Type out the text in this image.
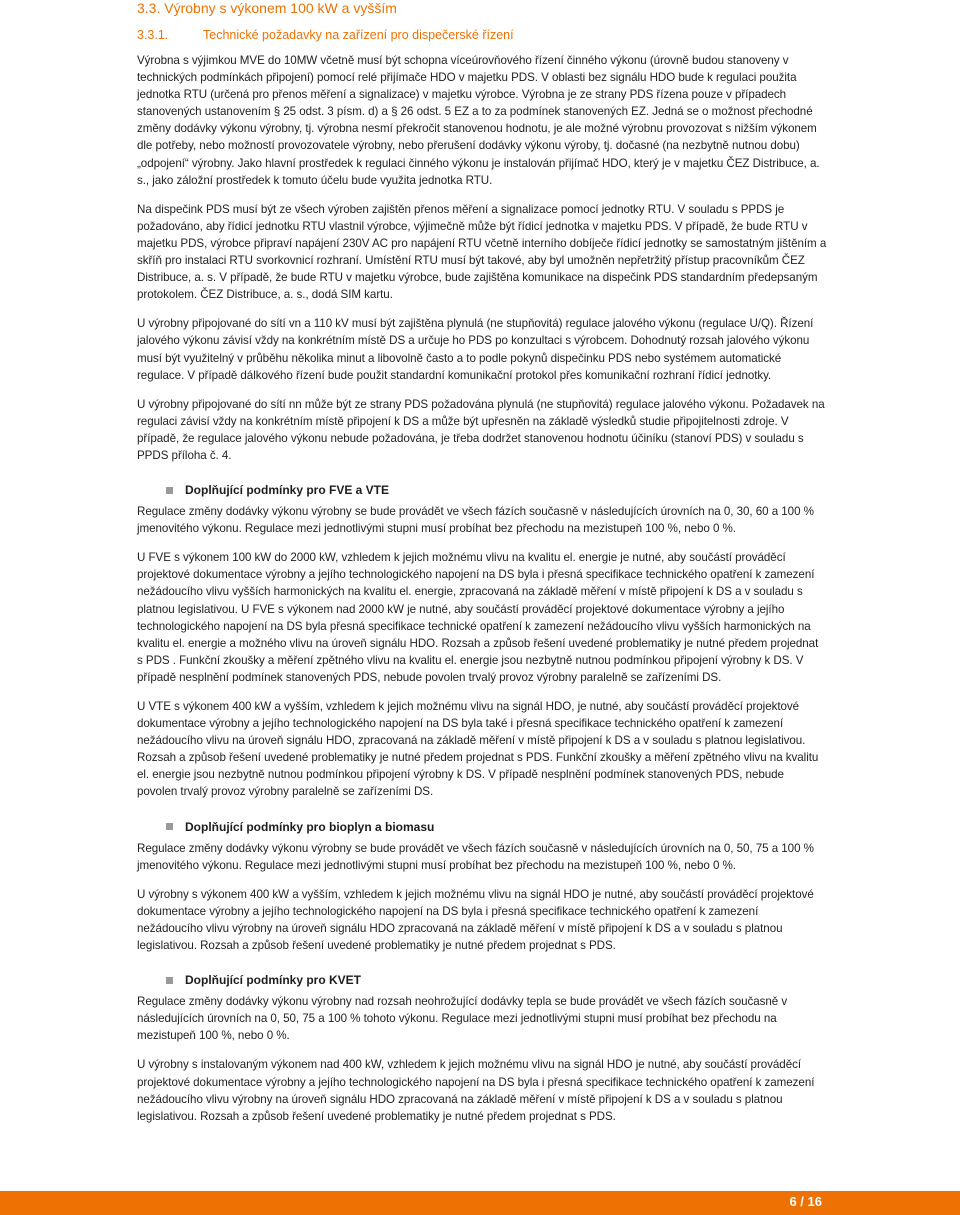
3.3. Výrobny s výkonem 100 kW a vyšším
3.3.1.	Technické požadavky na zařízení pro dispečerské řízení

Výrobna s výjimkou MVE do 10MW včetně musí být schopna víceúrovňového řízení činného výkonu (úrovně budou stanoveny v technických podmínkách připojení) pomocí relé přijímače HDO v majetku PDS. V oblasti bez signálu HDO bude k regulaci použita jednotka RTU (určená pro přenos měření a signalizace) v majetku výrobce. Výrobna je ze strany PDS řízena pouze v případech stanovených ustanovením § 25 odst. 3 písm. d) a § 26 odst. 5 EZ a to za podmínek stanovených EZ. Jedná se o možnost přechodné změny dodávky výkonu výrobny, tj. výrobna nesmí překročit stanovenou hodnotu, je ale možné výrobnu provozovat s nižším výkonem dle potřeby, nebo možností provozovatele výrobny, nebo přerušení dodávky výkonu výroby, tj. dočasné (na nezbytně nutnou dobu) „odpojení“ výrobny. Jako hlavní prostředek k regulaci činného výkonu je instalován přijímač HDO, který je v majetku ČEZ Distribuce, a. s., jako záložní prostředek k tomuto účelu bude využita jednotka RTU.

Na dispečink PDS musí být ze všech výroben zajištěn přenos měření a signalizace pomocí jednotky RTU. V souladu s PPDS je požadováno, aby řídicí jednotku RTU vlastnil výrobce, výjimečně může být řídicí jednotka v majetku PDS. V případě, že bude RTU v majetku PDS, výrobce připraví napájení 230V AC pro napájení RTU včetně interního dobíječe řídicí jednotky se samostatným jištěním a skříň pro instalaci RTU svorkovnicí rozhraní. Umístění RTU musí být takové, aby byl umožněn nepřetržitý přístup pracovníkům ČEZ Distribuce, a. s. V případě, že bude RTU v majetku výrobce, bude zajištěna komunikace na dispečink PDS standardním předepsaným protokolem. ČEZ Distribuce, a. s., dodá SIM kartu.

U výrobny připojované do sítí vn a 110 kV musí být zajištěna plynulá (ne stupňovitá) regulace jalového výkonu (regulace U/Q). Řízení jalového výkonu závisí vždy na konkrétním místě DS a určuje ho PDS po konzultaci s výrobcem. Dohodnutý rozsah jalového výkonu musí být využitelný v průběhu několika minut a libovolně často a to podle pokynů dispečinku PDS nebo systémem automatické regulace. V případě dálkového řízení bude použit standardní komunikační protokol přes komunikační rozhraní řídicí jednotky.

U výrobny připojované do sítí nn může být ze strany PDS požadována plynulá (ne stupňovitá) regulace jalového výkonu. Požadavek na regulaci závisí vždy na konkrétním místě připojení k DS a může být upřesněn na základě výsledků studie připojitelnosti zdroje. V případě, že regulace jalového výkonu nebude požadována, je třeba dodržet stanovenou hodnotu účiníku (stanoví PDS) v souladu s PPDS příloha č. 4.

Doplňující podmínky pro FVE a VTE

Regulace změny dodávky výkonu výrobny se bude provádět ve všech fázích současně v následujících úrovních na 0, 30, 60 a 100 % jmenovitého výkonu. Regulace mezi jednotlivými stupni musí probíhat bez přechodu na mezistupeň 100 %, nebo 0 %.

U FVE s výkonem 100 kW do 2000 kW, vzhledem k jejich možnému vlivu na kvalitu el. energie je nutné, aby součástí prováděcí projektové dokumentace výrobny a jejího technologického napojení na DS byla i přesná specifikace technického opatření k zamezení nežádoucího vlivu vyšších harmonických na kvalitu el. energie, zpracovaná na základě měření v místě připojení k DS a v souladu s platnou legislativou. U FVE s výkonem nad 2000 kW je nutné, aby součástí prováděcí projektové dokumentace výrobny a jejího technologického napojení na DS byla přesná specifikace technické opatření k zamezení nežádoucího vlivu vyšších harmonických na kvalitu el. energie a možného vlivu na úroveň signálu HDO. Rozsah a způsob řešení uvedené problematiky je nutné předem projednat s PDS . Funkční zkoušky a měření zpětného vlivu na kvalitu el. energie jsou nezbytně nutnou podmínkou připojení výrobny k DS. V případě nesplnění podmínek stanovených PDS, nebude povolen trvalý provoz výrobny paralelně se zařízeními DS.

U VTE s výkonem 400 kW a vyšším, vzhledem k jejich možnému vlivu na signál HDO, je nutné, aby součástí prováděcí projektové dokumentace výrobny a jejího technologického napojení na DS byla také i přesná specifikace technického opatření k zamezení nežádoucího vlivu na úroveň signálu HDO, zpracovaná na základě měření v místě připojení k DS a v souladu s platnou legislativou. Rozsah a způsob řešení uvedené problematiky je nutné předem projednat s PDS. Funkční zkoušky a měření zpětného vlivu na kvalitu el. energie jsou nezbytně nutnou podmínkou připojení výrobny k DS. V případě nesplnění podmínek stanovených PDS, nebude povolen trvalý provoz výrobny paralelně se zařízeními DS.

Doplňující podmínky pro bioplyn a biomasu

Regulace změny dodávky výkonu výrobny se bude provádět ve všech fázích současně v následujících úrovních na 0, 50, 75 a 100 % jmenovitého výkonu. Regulace mezi jednotlivými stupni musí probíhat bez přechodu na mezistupeň 100 %, nebo 0 %.

U výrobny s výkonem 400 kW a vyšším, vzhledem k jejich možnému vlivu na signál HDO je nutné, aby součástí prováděcí projektové dokumentace výrobny a jejího technologického napojení na DS byla i přesná specifikace technického opatření k zamezení nežádoucího vlivu výrobny na úroveň signálu HDO zpracovaná na základě měření v místě připojení k DS a v souladu s platnou legislativou. Rozsah a způsob řešení uvedené problematiky je nutné předem projednat s PDS.

Doplňující podmínky pro KVET

Regulace změny dodávky výkonu výrobny nad rozsah neohrožující dodávky tepla se bude provádět ve všech fázích současně v následujících úrovních na 0, 50, 75 a 100 % tohoto výkonu. Regulace mezi jednotlivými stupni musí probíhat bez přechodu na mezistupeň 100 %, nebo 0 %.

U výrobny s instalovaným výkonem nad 400 kW, vzhledem k jejich možnému vlivu na signál HDO je nutné, aby součástí prováděcí projektové dokumentace výrobny a jejího technologického napojení na DS byla i přesná specifikace technického opatření k zamezení nežádoucího vlivu výrobny na úroveň signálu HDO zpracovaná na základě měření v místě připojení k DS a v souladu s platnou legislativou. Rozsah a způsob řešení uvedené problematiky je nutné předem projednat s PDS.

6 / 16
